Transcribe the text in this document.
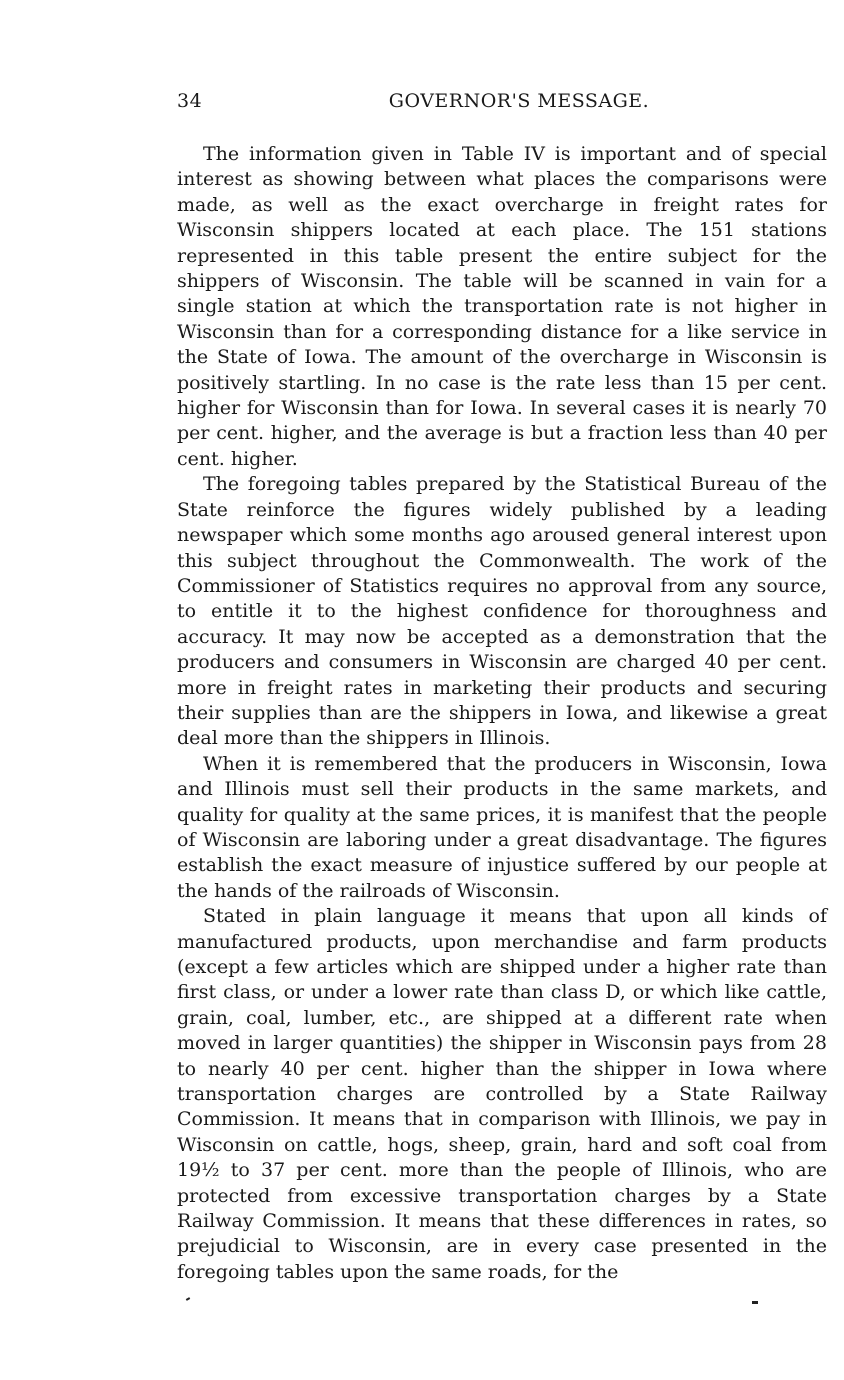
34	GOVERNOR'S MESSAGE.

The information given in Table IV is important and of special interest as showing between what places the comparisons were made, as well as the exact overcharge in freight rates for Wisconsin shippers located at each place. The 151 stations represented in this table present the entire subject for the shippers of Wisconsin. The table will be scanned in vain for a single station at which the transportation rate is not higher in Wisconsin than for a corresponding distance for a like service in the State of Iowa. The amount of the overcharge in Wisconsin is positively startling. In no case is the rate less than 15 per cent. higher for Wisconsin than for Iowa. In several cases it is nearly 70 per cent. higher, and the average is but a fraction less than 40 per cent. higher.

The foregoing tables prepared by the Statistical Bureau of the State reinforce the figures widely published by a leading newspaper which some months ago aroused general interest upon this subject throughout the Commonwealth. The work of the Commissioner of Statistics requires no approval from any source, to entitle it to the highest confidence for thoroughness and accuracy. It may now be accepted as a demonstration that the producers and consumers in Wisconsin are charged 40 per cent. more in freight rates in marketing their products and securing their supplies than are the shippers in Iowa, and likewise a great deal more than the shippers in Illinois.

When it is remembered that the producers in Wisconsin, Iowa and Illinois must sell their products in the same markets, and quality for quality at the same prices, it is manifest that the people of Wisconsin are laboring under a great disadvantage. The figures establish the exact measure of injustice suffered by our people at the hands of the railroads of Wisconsin.

Stated in plain language it means that upon all kinds of manufactured products, upon merchandise and farm products (except a few articles which are shipped under a higher rate than first class, or under a lower rate than class D, or which like cattle, grain, coal, lumber, etc., are shipped at a different rate when moved in larger quantities) the shipper in Wisconsin pays from 28 to nearly 40 per cent. higher than the shipper in Iowa where transportation charges are controlled by a State Railway Commission. It means that in comparison with Illinois, we pay in Wisconsin on cattle, hogs, sheep, grain, hard and soft coal from 19½ to 37 per cent. more than the people of Illinois, who are protected from excessive transportation charges by a State Railway Commission. It means that these differences in rates, so prejudicial to Wisconsin, are in every case presented in the foregoing tables upon the same roads, for the
